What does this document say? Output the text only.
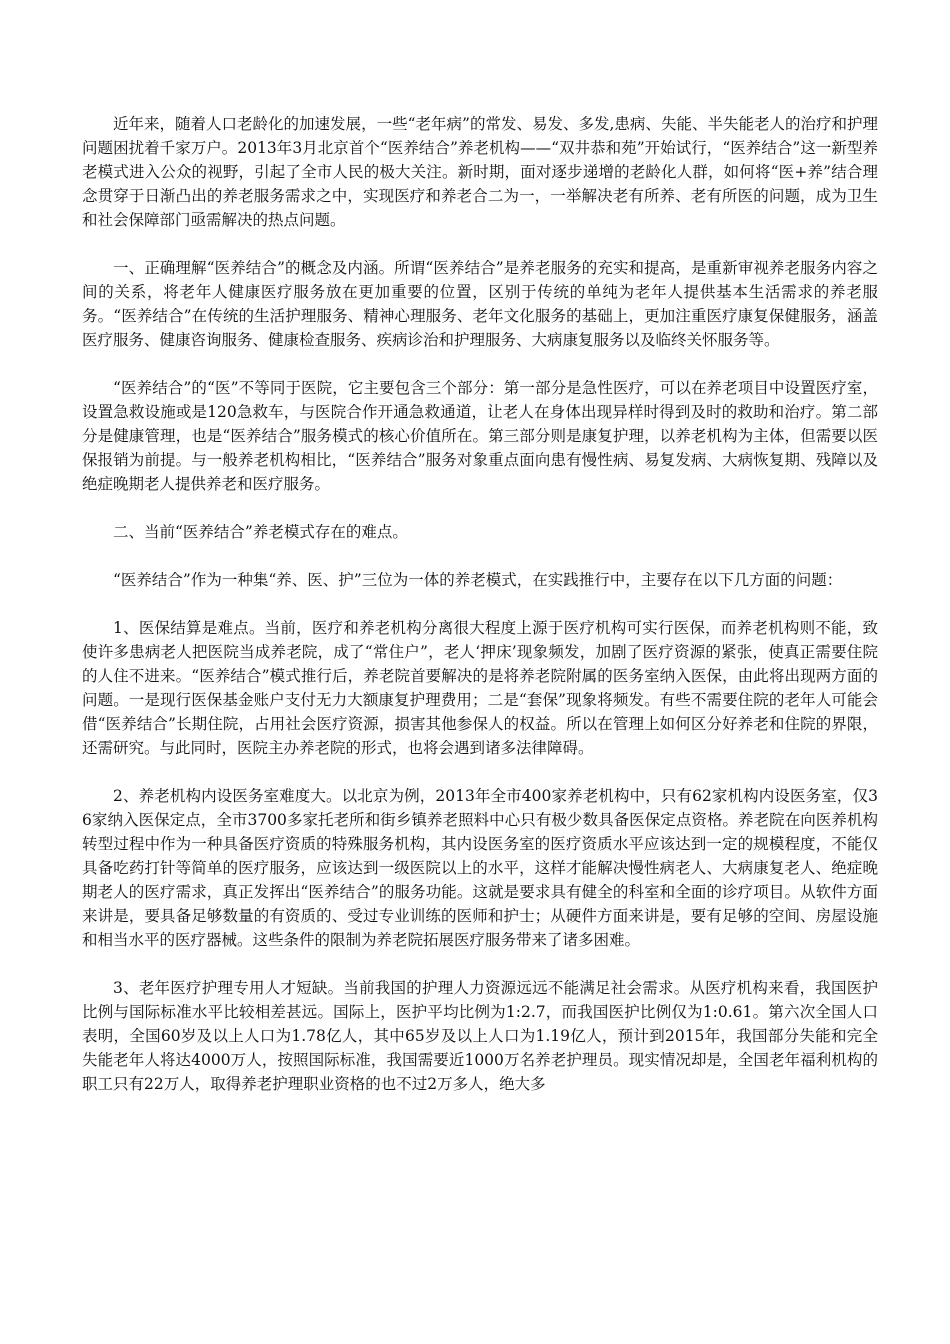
近年来，随着人口老龄化的加速发展，一些“老年病”的常发、易发、多发,患病、失能、半失能老人的治疗和护理问题困扰着千家万户。2013年3月北京首个“医养结合”养老机构——“双井恭和苑”开始试行，“医养结合”这一新型养老模式进入公众的视野，引起了全市人民的极大关注。新时期，面对逐步递增的老龄化人群，如何将“医+养”结合理念贯穿于日渐凸出的养老服务需求之中，实现医疗和养老合二为一，一举解决老有所养、老有所医的问题，成为卫生和社会保障部门亟需解决的热点问题。

一、正确理解“医养结合”的概念及内涵。所谓“医养结合”是养老服务的充实和提高，是重新审视养老服务内容之间的关系，将老年人健康医疗服务放在更加重要的位置，区别于传统的单纯为老年人提供基本生活需求的养老服务。“医养结合”在传统的生活护理服务、精神心理服务、老年文化服务的基础上，更加注重医疗康复保健服务，涵盖医疗服务、健康咨询服务、健康检查服务、疾病诊治和护理服务、大病康复服务以及临终关怀服务等。

“医养结合”的“医”不等同于医院，它主要包含三个部分：第一部分是急性医疗，可以在养老项目中设置医疗室，设置急救设施或是120急救车，与医院合作开通急救通道，让老人在身体出现异样时得到及时的救助和治疗。第二部分是健康管理，也是“医养结合”服务模式的核心价值所在。第三部分则是康复护理，以养老机构为主体，但需要以医保报销为前提。与一般养老机构相比，“医养结合”服务对象重点面向患有慢性病、易复发病、大病恢复期、残障以及绝症晚期老人提供养老和医疗服务。

二、当前“医养结合”养老模式存在的难点。

“医养结合”作为一种集“养、医、护”三位为一体的养老模式，在实践推行中，主要存在以下几方面的问题：

1、医保结算是难点。当前，医疗和养老机构分离很大程度上源于医疗机构可实行医保，而养老机构则不能，致使许多患病老人把医院当成养老院，成了“常住户”，老人‘押床’现象频发，加剧了医疗资源的紧张，使真正需要住院的人住不进来。“医养结合”模式推行后，养老院首要解决的是将养老院附属的医务室纳入医保，由此将出现两方面的问题。一是现行医保基金账户支付无力大额康复护理费用；二是“套保”现象将频发。有些不需要住院的老年人可能会借“医养结合”长期住院，占用社会医疗资源，损害其他参保人的权益。所以在管理上如何区分好养老和住院的界限，还需研究。与此同时，医院主办养老院的形式，也将会遇到诸多法律障碍。

2、养老机构内设医务室难度大。以北京为例，2013年全市400家养老机构中，只有62家机构内设医务室，仅36家纳入医保定点，全市3700多家托老所和街乡镇养老照料中心只有极少数具备医保定点资格。养老院在向医养机构转型过程中作为一种具备医疗资质的特殊服务机构，其内设医务室的医疗资质水平应该达到一定的规模程度，不能仅具备吃药打针等简单的医疗服务，应该达到一级医院以上的水平，这样才能解决慢性病老人、大病康复老人、绝症晚期老人的医疗需求，真正发挥出“医养结合”的服务功能。这就是要求具有健全的科室和全面的诊疗项目。从软件方面来讲是，要具备足够数量的有资质的、受过专业训练的医师和护士；从硬件方面来讲是，要有足够的空间、房屋设施和相当水平的医疗器械。这些条件的限制为养老院拓展医疗服务带来了诸多困难。

3、老年医疗护理专用人才短缺。当前我国的护理人力资源远远不能满足社会需求。从医疗机构来看，我国医护比例与国际标准水平比较相差甚远。国际上，医护平均比例为1:2.7，而我国医护比例仅为1:0.61。第六次全国人口表明，全国60岁及以上人口为1.78亿人，其中65岁及以上人口为1.19亿人，预计到2015年，我国部分失能和完全失能老年人将达4000万人，按照国际标准，我国需要近1000万名养老护理员。现实情况却是，全国老年福利机构的职工只有22万人，取得养老护理职业资格的也不过2万多人，绝大多
